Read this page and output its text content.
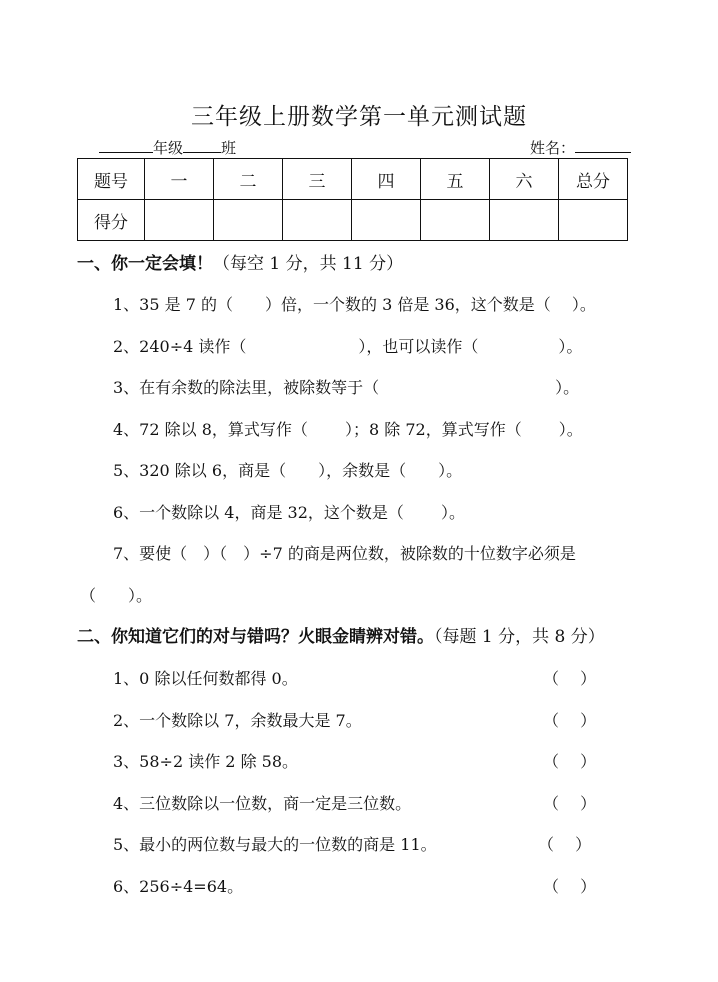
三年级上册数学第一单元测试题
年级	班	姓名：
题号	一	二	三	四	五	六	总分
得分							
一、你一定会填！（每空 1 分，共 11 分）
1、35 是 7 的（　　）倍，一个数的 3 倍是 36，这个数是（　 ）。
2、240÷4 读作（　　　　　　　），也可以读作（　　　　　）。
3、在有余数的除法里，被除数等于（　　　　　　　　　　　）。
4、72 除以 8，算式写作（　　 ）；8 除 72，算式写作（　　 ）。
5、320 除以 6，商是（　　），余数是（　　）。
6、一个数除以 4，商是 32，这个数是（　　 ）。
7、要使（　）（　）÷7 的商是两位数，被除数的十位数字必须是
（　　）。
二、你知道它们的对与错吗？火眼金睛辨对错。（每题 1 分，共 8 分）
1、0 除以任何数都得 0。	（　 ）
2、一个数除以 7，余数最大是 7。	（　 ）
3、58÷2 读作 2 除 58。	（　 ）
4、三位数除以一位数，商一定是三位数。	（　 ）
5、最小的两位数与最大的一位数的商是 11。	（　 ）
6、256÷4=64。	（　 ）
